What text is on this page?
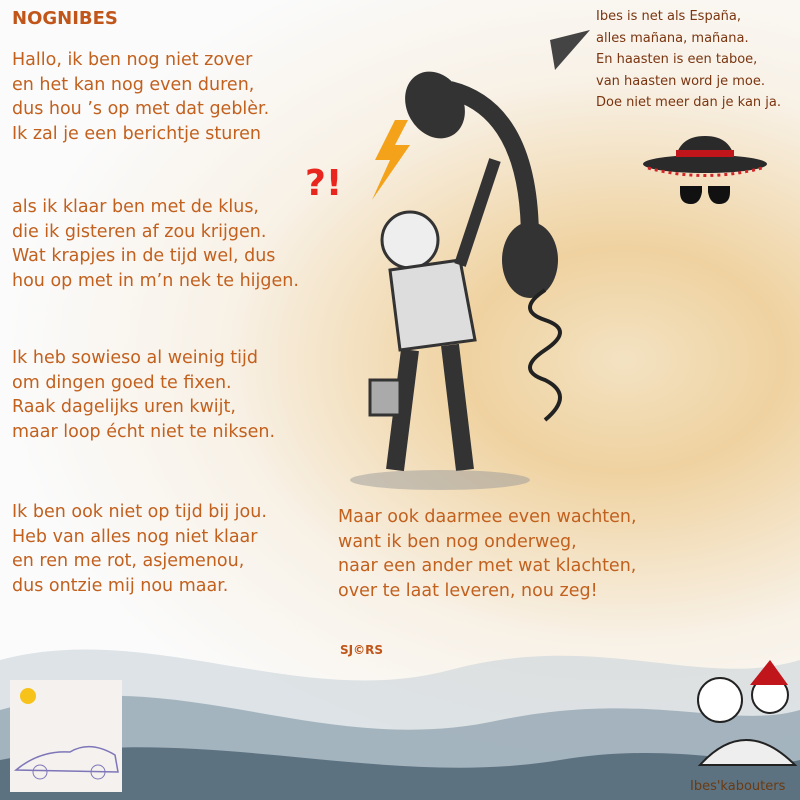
NOGNIBES
Hallo, ik ben nog niet zover
en het kan nog even duren,
dus hou ’s op met dat geblèr.
Ik zal je een berichtje sturen
als ik klaar ben met de klus,
die ik gisteren af zou krijgen.
Wat krapjes in de tijd wel, dus
hou op met in m’n nek te hijgen.
Ik heb sowieso al weinig tijd
om dingen goed te fixen.
Raak dagelijks uren kwijt,
maar loop écht niet te niksen.
Ik ben ook niet op tijd bij jou.
Heb van alles nog niet klaar
en ren me rot, asjemenou,
dus ontzie mij nou maar.
Maar ook daarmee even wachten,
want ik ben nog onderweg,
naar een ander met wat klachten,
over te laat leveren, nou zeg!
Ibes is net als España,
alles mañana, mañana.
En haasten is een taboe,
van haasten word je moe.
Doe niet meer dan je kan ja.
?!
SJ©RS
Ibes'kabouters
